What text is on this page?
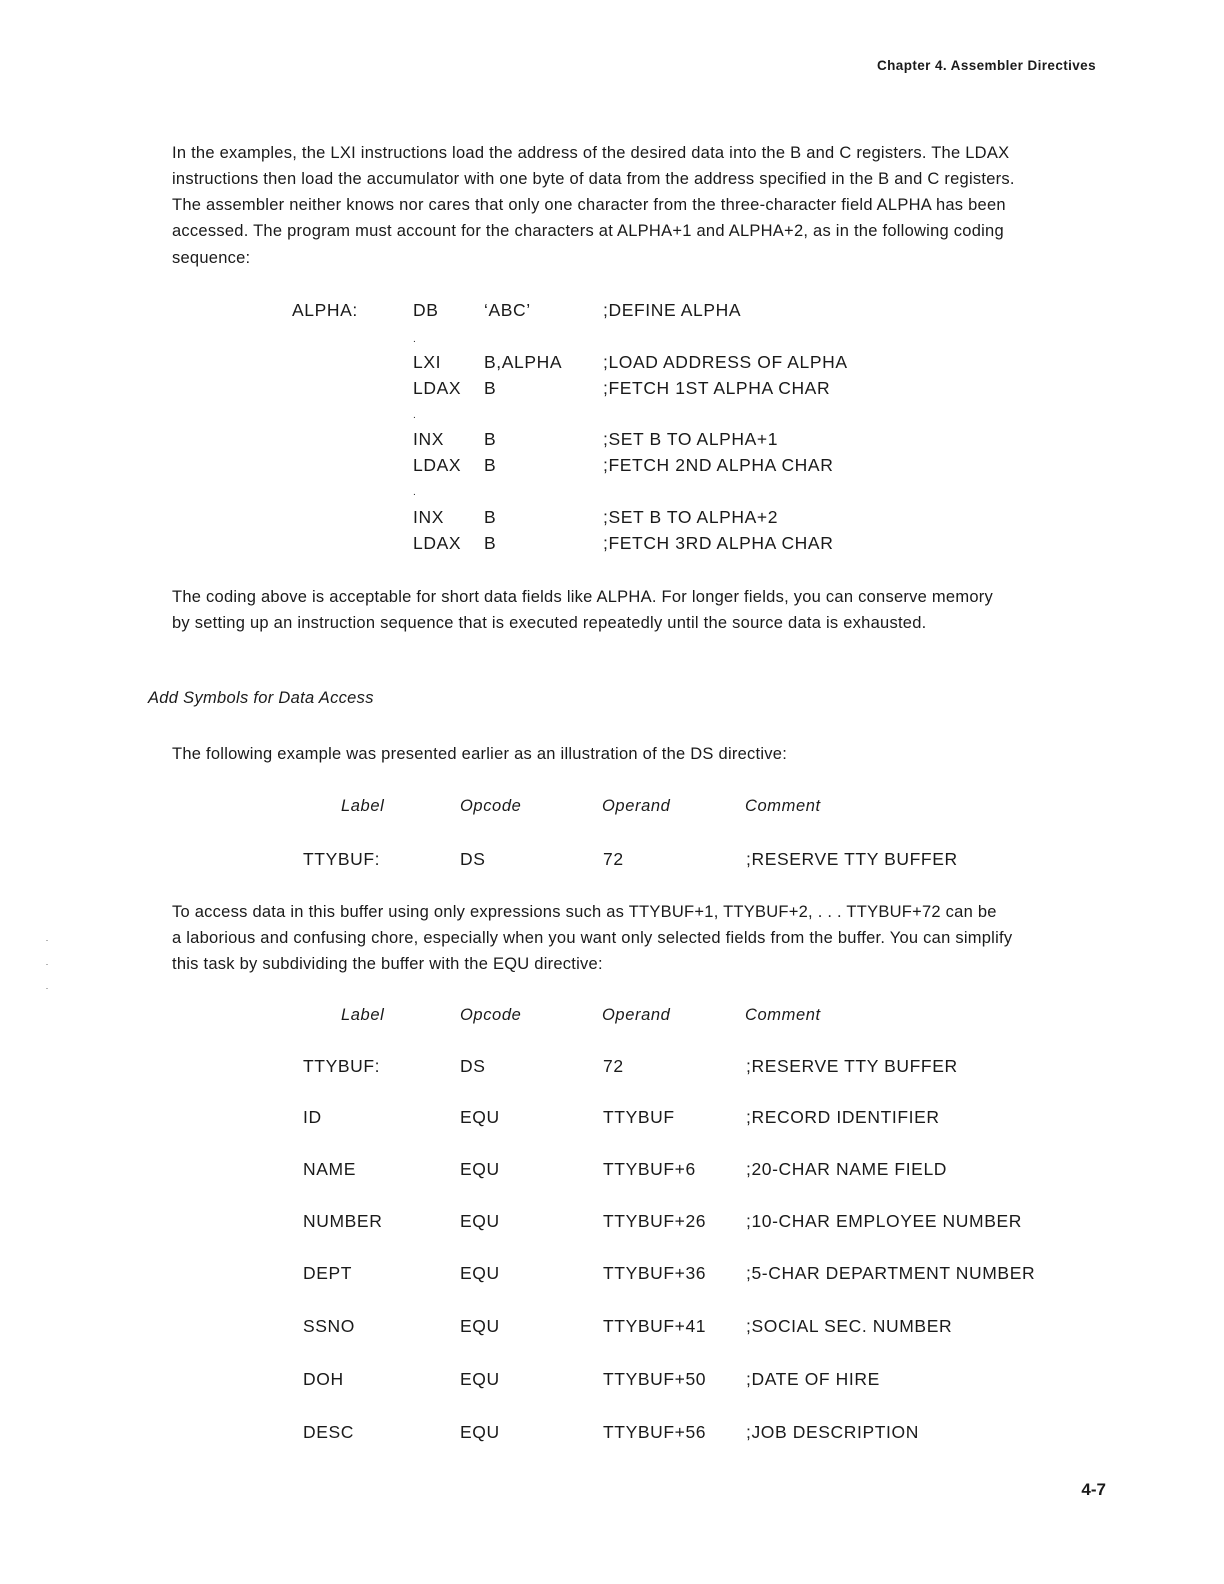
Chapter 4. Assembler Directives

In the examples, the LXI instructions load the address of the desired data into the B and C registers. The LDAX

instructions then load the accumulator with one byte of data from the address specified in the B and C registers.

The assembler neither knows nor cares that only one character from the three-character field ALPHA has been

accessed. The program must account for the characters at ALPHA+1 and ALPHA+2, as in the following coding

sequence:

ALPHA:	DB	‘ABC’	;DEFINE ALPHA
.
LXI B,ALPHA ;LOAD ADDRESS OF ALPHA
LDAX B	;FETCH 1ST ALPHA CHAR
.
INX B	;SET B TO ALPHA+1
LDAX B	;FETCH 2ND ALPHA CHAR
.
INX B	;SET B TO ALPHA+2
LDAX B	;FETCH 3RD ALPHA CHAR

The coding above is acceptable for short data fields like ALPHA. For longer fields, you can conserve memory

by setting up an instruction sequence that is executed repeatedly until the source data is exhausted.

Add Symbols for Data Access

The following example was presented earlier as an illustration of the DS directive:

Label	Opcode	Operand	Comment
TTYBUF:	DS	72	;RESERVE TTY BUFFER

To access data in this buffer using only expressions such as TTYBUF+1, TTYBUF+2, . . . TTYBUF+72 can be

a laborious and confusing chore, especially when you want only selected fields from the buffer. You can simplify

this task by subdividing the buffer with the EQU directive:

Label	Opcode	Operand	Comment
TTYBUF:	DS	72	;RESERVE TTY BUFFER
ID	EQU	TTYBUF	;RECORD IDENTIFIER
NAME	EQU	TTYBUF+6	;20-CHAR NAME FIELD
NUMBER	EQU	TTYBUF+26 ;10-CHAR EMPLOYEE NUMBER
DEPT	EQU	TTYBUF+36 ;5-CHAR DEPARTMENT NUMBER
SSNO	EQU	TTYBUF+41 ;SOCIAL SEC. NUMBER
DOH	EQU	TTYBUF+50 ;DATE OF HIRE
DESC	EQU	TTYBUF+56 ;JOB DESCRIPTION
4-7
